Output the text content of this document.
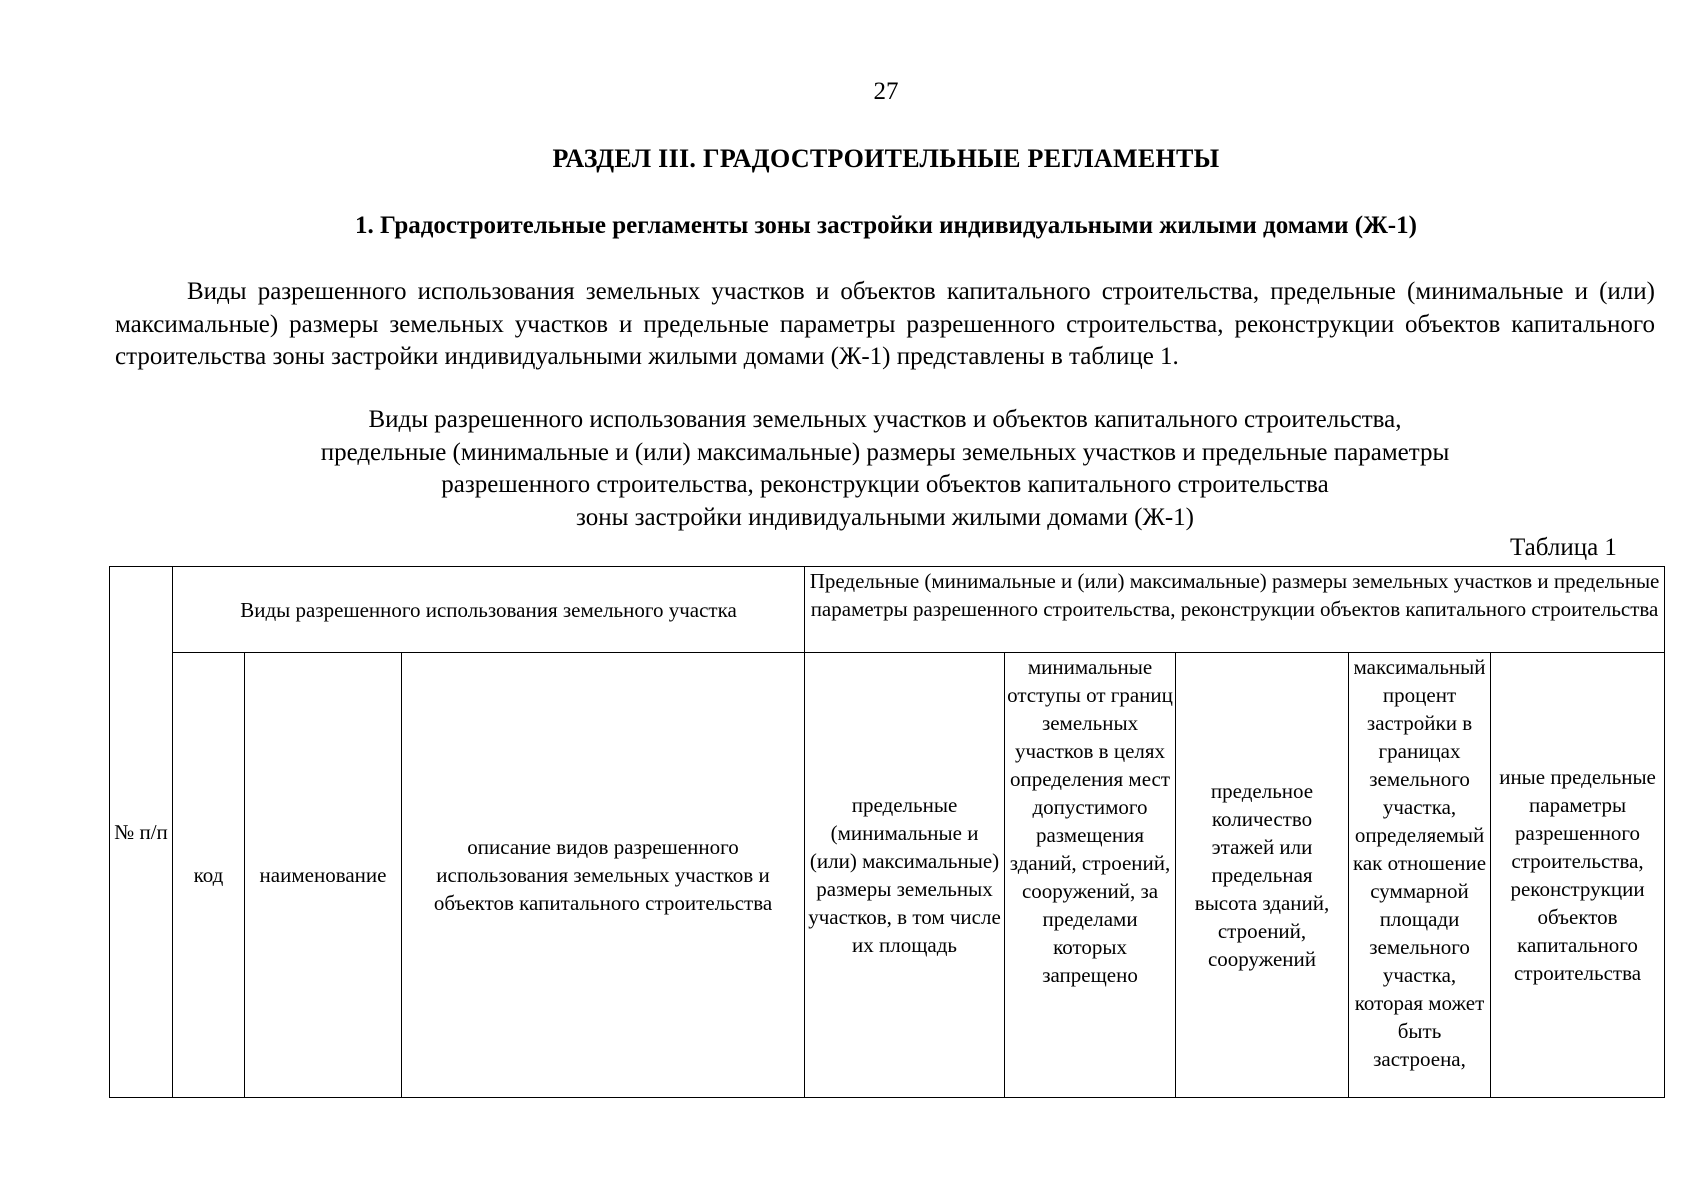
27
РАЗДЕЛ III. ГРАДОСТРОИТЕЛЬНЫЕ РЕГЛАМЕНТЫ
1. Градостроительные регламенты зоны застройки индивидуальными жилыми домами (Ж-1)

Виды разрешенного использования земельных участков и объектов капитального строительства, предельные (минимальные и (или) максимальные) размеры земельных участков и предельные параметры разрешенного строительства, реконструкции объектов капитального строительства зоны застройки индивидуальными жилыми домами (Ж-1) представлены в таблице 1.

Виды разрешенного использования земельных участков и объектов капитального строительства,
предельные (минимальные и (или) максимальные) размеры земельных участков и предельные параметры
разрешенного строительства, реконструкции объектов капитального строительства
зоны застройки индивидуальными жилыми домами (Ж-1)
Таблица 1
№ п/п	Виды разрешенного использования земельного участка			Предельные (минимальные и (или) максимальные) размеры земельных участков и предельные параметры разрешенного строительства, реконструкции объектов капитального строительства				
	код	наименование	описание видов разрешенного использования земельных участков и объектов капитального строительства	предельные (минимальные и (или) максимальные) размеры земельных участков, в том числе их площадь	минимальные отступы от границ земельных участков в целях определения мест допустимого размещения зданий, строений, сооружений, за пределами которых запрещено	предельное количество этажей или предельная высота зданий, строений, сооружений	максимальный процент застройки в границах земельного участка, определяемый как отношение суммарной площади земельного участка, которая может быть застроена,	иные предельные параметры разрешенного строительства, реконструкции объектов капитального строительства
